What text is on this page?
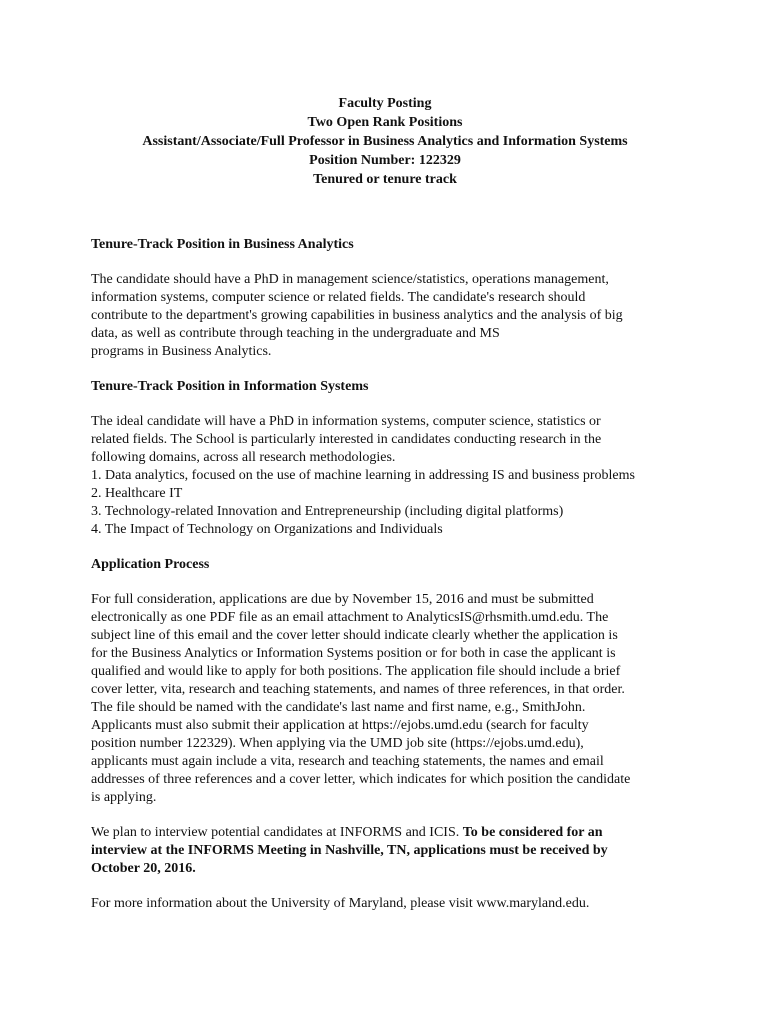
Faculty Posting
Two Open Rank Positions
Assistant/Associate/Full Professor in Business Analytics and Information Systems
Position Number: 122329
Tenured or tenure track

Tenure-Track Position in Business Analytics

The candidate should have a PhD in management science/statistics, operations management,
information systems, computer science or related fields. The candidate's research should
contribute to the department's growing capabilities in business analytics and the analysis of big
data, as well as contribute through teaching in the undergraduate and MS
programs in Business Analytics.

Tenure-Track Position in Information Systems

The ideal candidate will have a PhD in information systems, computer science, statistics or
related fields. The School is particularly interested in candidates conducting research in the
following domains, across all research methodologies.
1. Data analytics, focused on the use of machine learning in addressing IS and business problems
2. Healthcare IT
3. Technology-related Innovation and Entrepreneurship (including digital platforms)
4. The Impact of Technology on Organizations and Individuals

Application Process

For full consideration, applications are due by November 15, 2016 and must be submitted
electronically as one PDF file as an email attachment to AnalyticsIS@rhsmith.umd.edu. The
subject line of this email and the cover letter should indicate clearly whether the application is
for the Business Analytics or Information Systems position or for both in case the applicant is
qualified and would like to apply for both positions. The application file should include a brief
cover letter, vita, research and teaching statements, and names of three references, in that order.
The file should be named with the candidate's last name and first name, e.g., SmithJohn.
Applicants must also submit their application at https://ejobs.umd.edu (search for faculty
position number 122329). When applying via the UMD job site (https://ejobs.umd.edu),
applicants must again include a vita, research and teaching statements, the names and email
addresses of three references and a cover letter, which indicates for which position the candidate
is applying.

We plan to interview potential candidates at INFORMS and ICIS. To be considered for an
interview at the INFORMS Meeting in Nashville, TN, applications must be received by
October 20, 2016.

For more information about the University of Maryland, please visit www.maryland.edu.
